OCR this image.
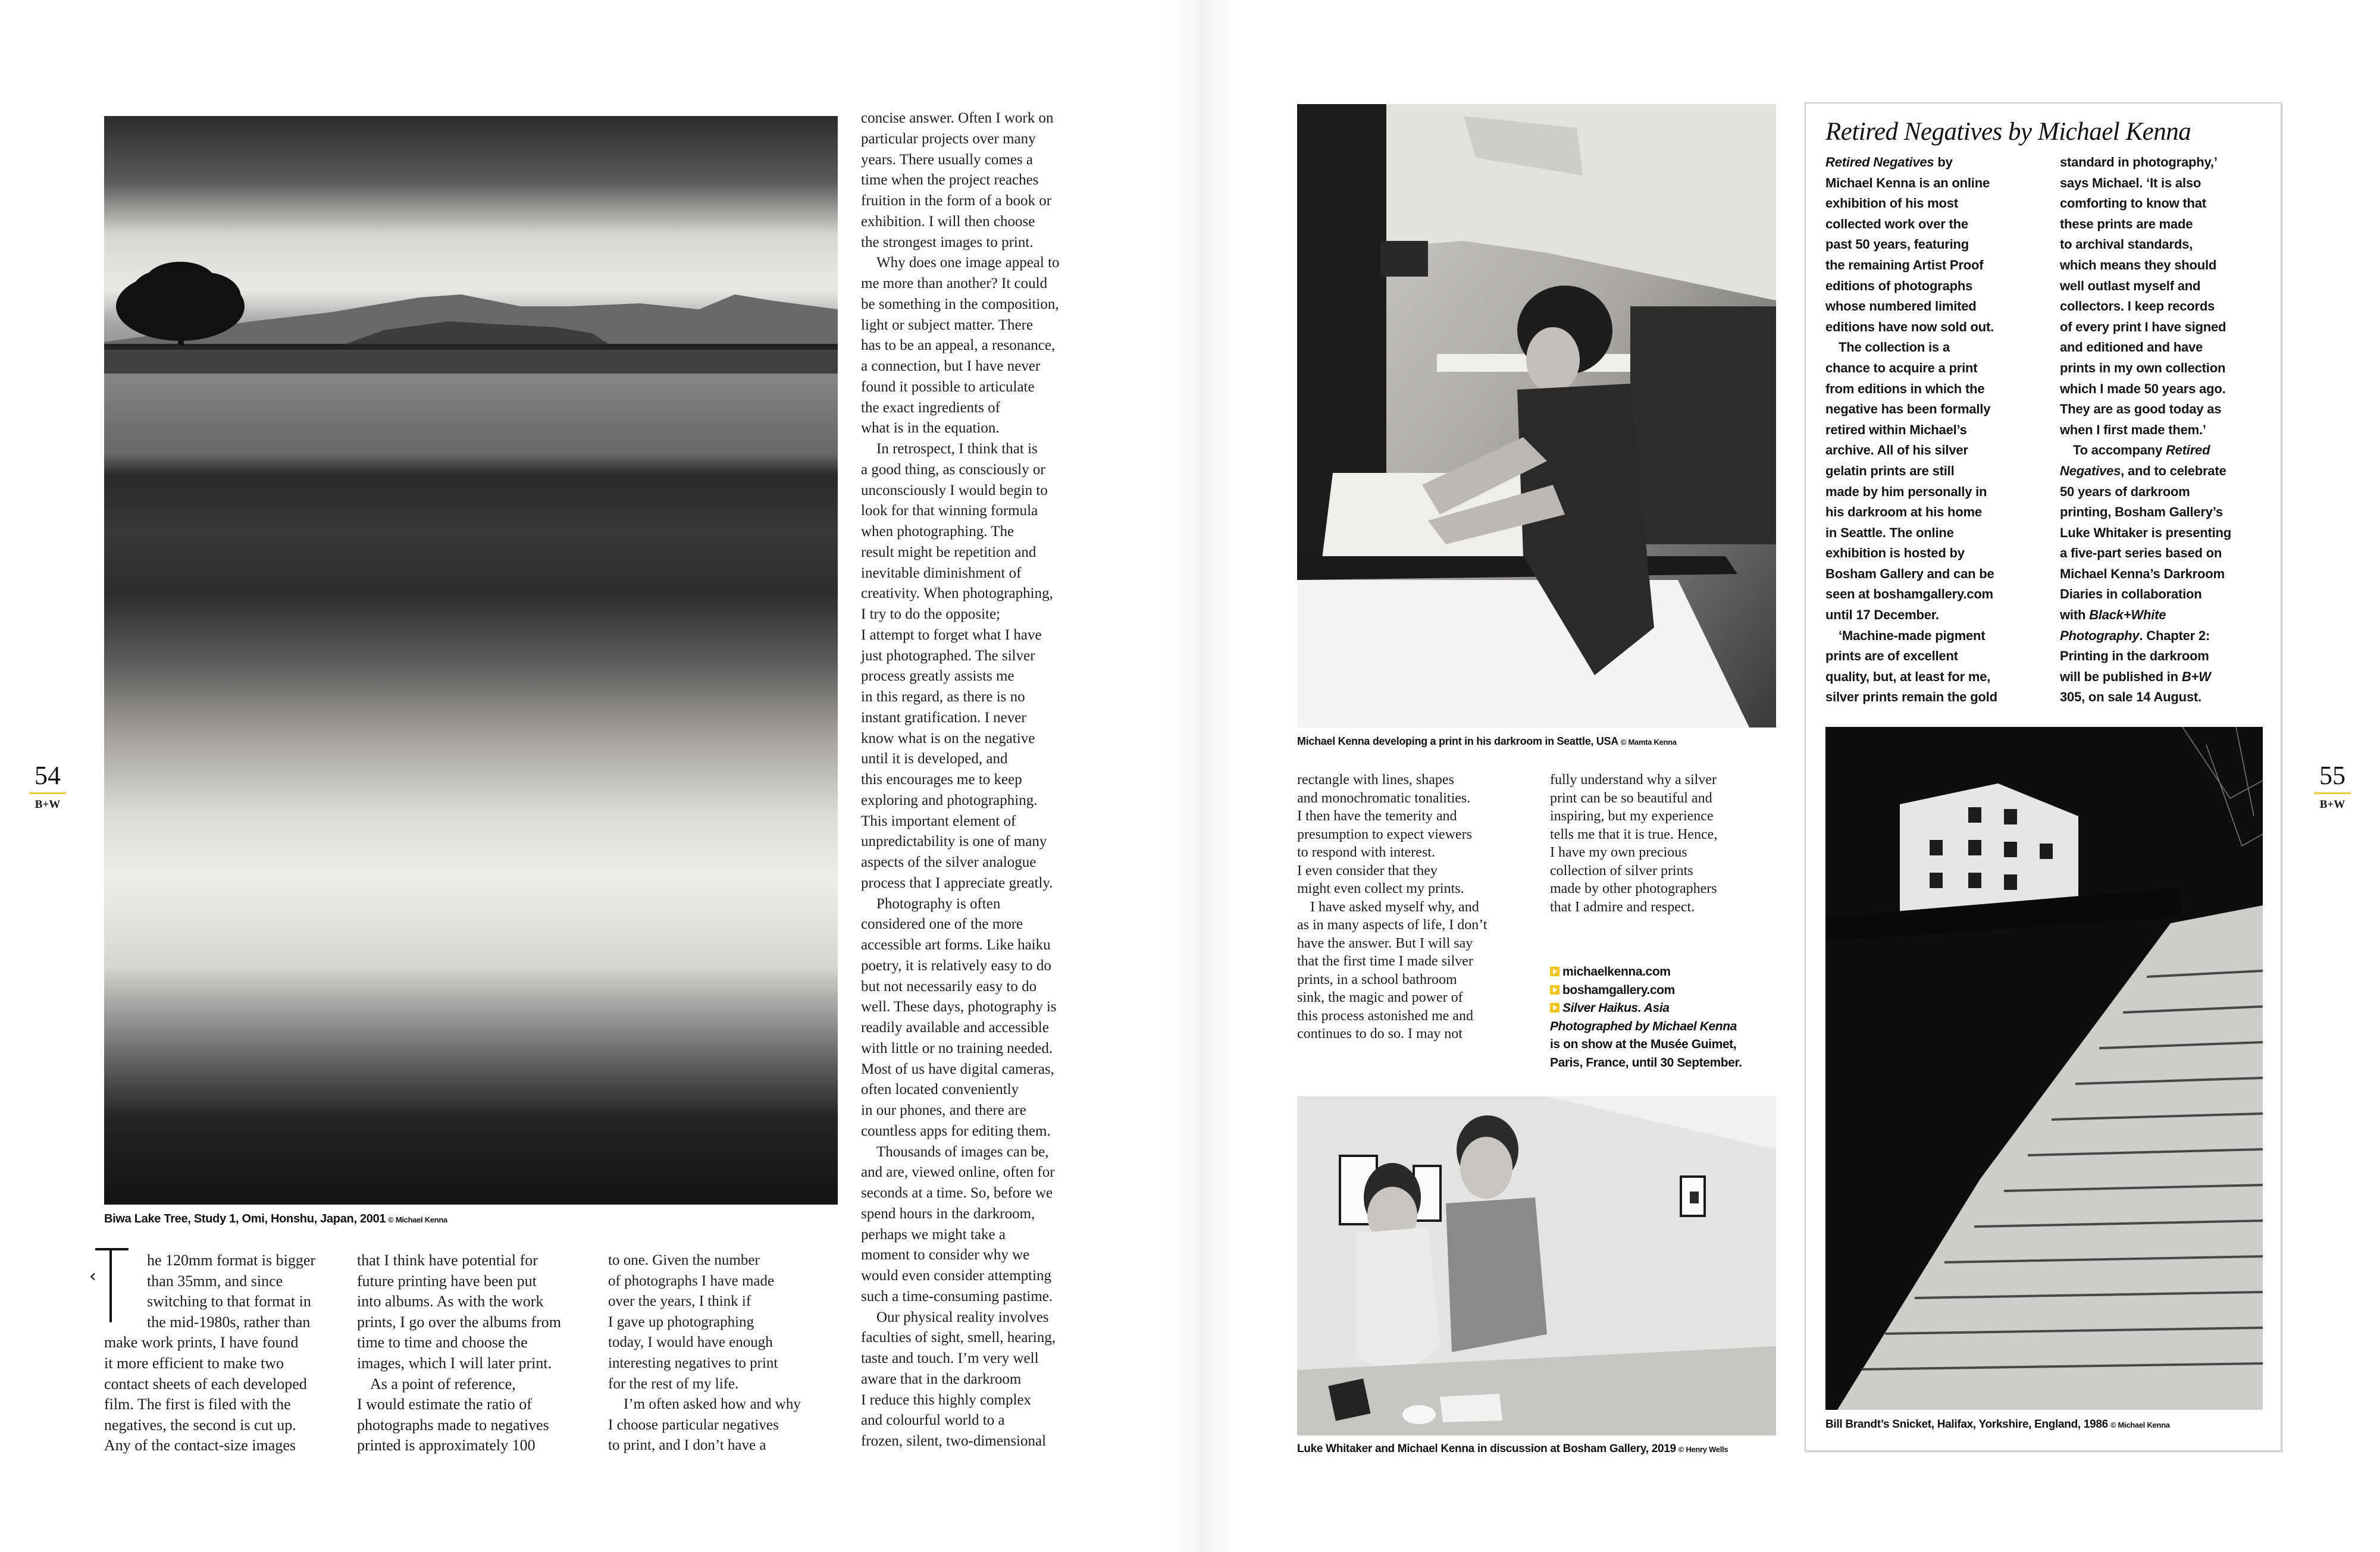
54
B+W
Biwa Lake Tree, Study 1, Omi, Honshu, Japan, 2001 © Michael Kenna
‹
he 120mm format is bigger
than 35mm, and since
switching to that format in
the mid-1980s, rather than
make work prints, I have found
it more efficient to make two
contact sheets of each developed
film. The first is filed with the
negatives, the second is cut up.
Any of the contact-size images
that I think have potential for
future printing have been put
into albums. As with the work
prints, I go over the albums from
time to time and choose the
images, which I will later print.
As a point of reference,
I would estimate the ratio of
photographs made to negatives
printed is approximately 100
to one. Given the number
of photographs I have made
over the years, I think if
I gave up photographing
today, I would have enough
interesting negatives to print
for the rest of my life.
I’m often asked how and why
I choose particular negatives
to print, and I don’t have a
concise answer. Often I work on
particular projects over many
years. There usually comes a
time when the project reaches
fruition in the form of a book or
exhibition. I will then choose
the strongest images to print.
Why does one image appeal to
me more than another? It could
be something in the composition,
light or subject matter. There
has to be an appeal, a resonance,
a connection, but I have never
found it possible to articulate
the exact ingredients of
what is in the equation.
In retrospect, I think that is
a good thing, as consciously or
unconsciously I would begin to
look for that winning formula
when photographing. The
result might be repetition and
inevitable diminishment of
creativity. When photographing,
I try to do the opposite;
I attempt to forget what I have
just photographed. The silver
process greatly assists me
in this regard, as there is no
instant gratification. I never
know what is on the negative
until it is developed, and
this encourages me to keep
exploring and photographing.
This important element of
unpredictability is one of many
aspects of the silver analogue
process that I appreciate greatly.
Photography is often
considered one of the more
accessible art forms. Like haiku
poetry, it is relatively easy to do
but not necessarily easy to do
well. These days, photography is
readily available and accessible
with little or no training needed.
Most of us have digital cameras,
often located conveniently
in our phones, and there are
countless apps for editing them.
Thousands of images can be,
and are, viewed online, often for
seconds at a time. So, before we
spend hours in the darkroom,
perhaps we might take a
moment to consider why we
would even consider attempting
such a time-consuming pastime.
Our physical reality involves
faculties of sight, smell, hearing,
taste and touch. I’m very well
aware that in the darkroom
I reduce this highly complex
and colourful world to a
frozen, silent, two-dimensional
55
B+W
Michael Kenna developing a print in his darkroom in Seattle, USA © Mamta Kenna
rectangle with lines, shapes
and monochromatic tonalities.
I then have the temerity and
presumption to expect viewers
to respond with interest.
I even consider that they
might even collect my prints.
I have asked myself why, and
as in many aspects of life, I don’t
have the answer. But I will say
that the first time I made silver
prints, in a school bathroom
sink, the magic and power of
this process astonished me and
continues to do so. I may not
fully understand why a silver
print can be so beautiful and
inspiring, but my experience
tells me that it is true. Hence,
I have my own precious
collection of silver prints
made by other photographers
that I admire and respect.
michaelkenna.com
boshamgallery.com
Silver Haikus. Asia
Photographed by Michael Kenna
is on show at the Musée Guimet,
Paris, France, until 30 September.
Luke Whitaker and Michael Kenna in discussion at Bosham Gallery, 2019 © Henry Wells
Retired Negatives by Michael Kenna
Retired Negatives by
Michael Kenna is an online
exhibition of his most
collected work over the
past 50 years, featuring
the remaining Artist Proof
editions of photographs
whose numbered limited
editions have now sold out.
The collection is a
chance to acquire a print
from editions in which the
negative has been formally
retired within Michael’s
archive. All of his silver
gelatin prints are still
made by him personally in
his darkroom at his home
in Seattle. The online
exhibition is hosted by
Bosham Gallery and can be
seen at boshamgallery.com
until 17 December.
‘Machine-made pigment
prints are of excellent
quality, but, at least for me,
silver prints remain the gold
standard in photography,’
says Michael. ‘It is also
comforting to know that
these prints are made
to archival standards,
which means they should
well outlast myself and
collectors. I keep records
of every print I have signed
and editioned and have
prints in my own collection
which I made 50 years ago.
They are as good today as
when I first made them.’
To accompany Retired
Negatives, and to celebrate
50 years of darkroom
printing, Bosham Gallery’s
Luke Whitaker is presenting
a five-part series based on
Michael Kenna’s Darkroom
Diaries in collaboration
with Black+White
Photography. Chapter 2:
Printing in the darkroom
will be published in B+W
305, on sale 14 August.
Bill Brandt’s Snicket, Halifax, Yorkshire, England, 1986 © Michael Kenna
